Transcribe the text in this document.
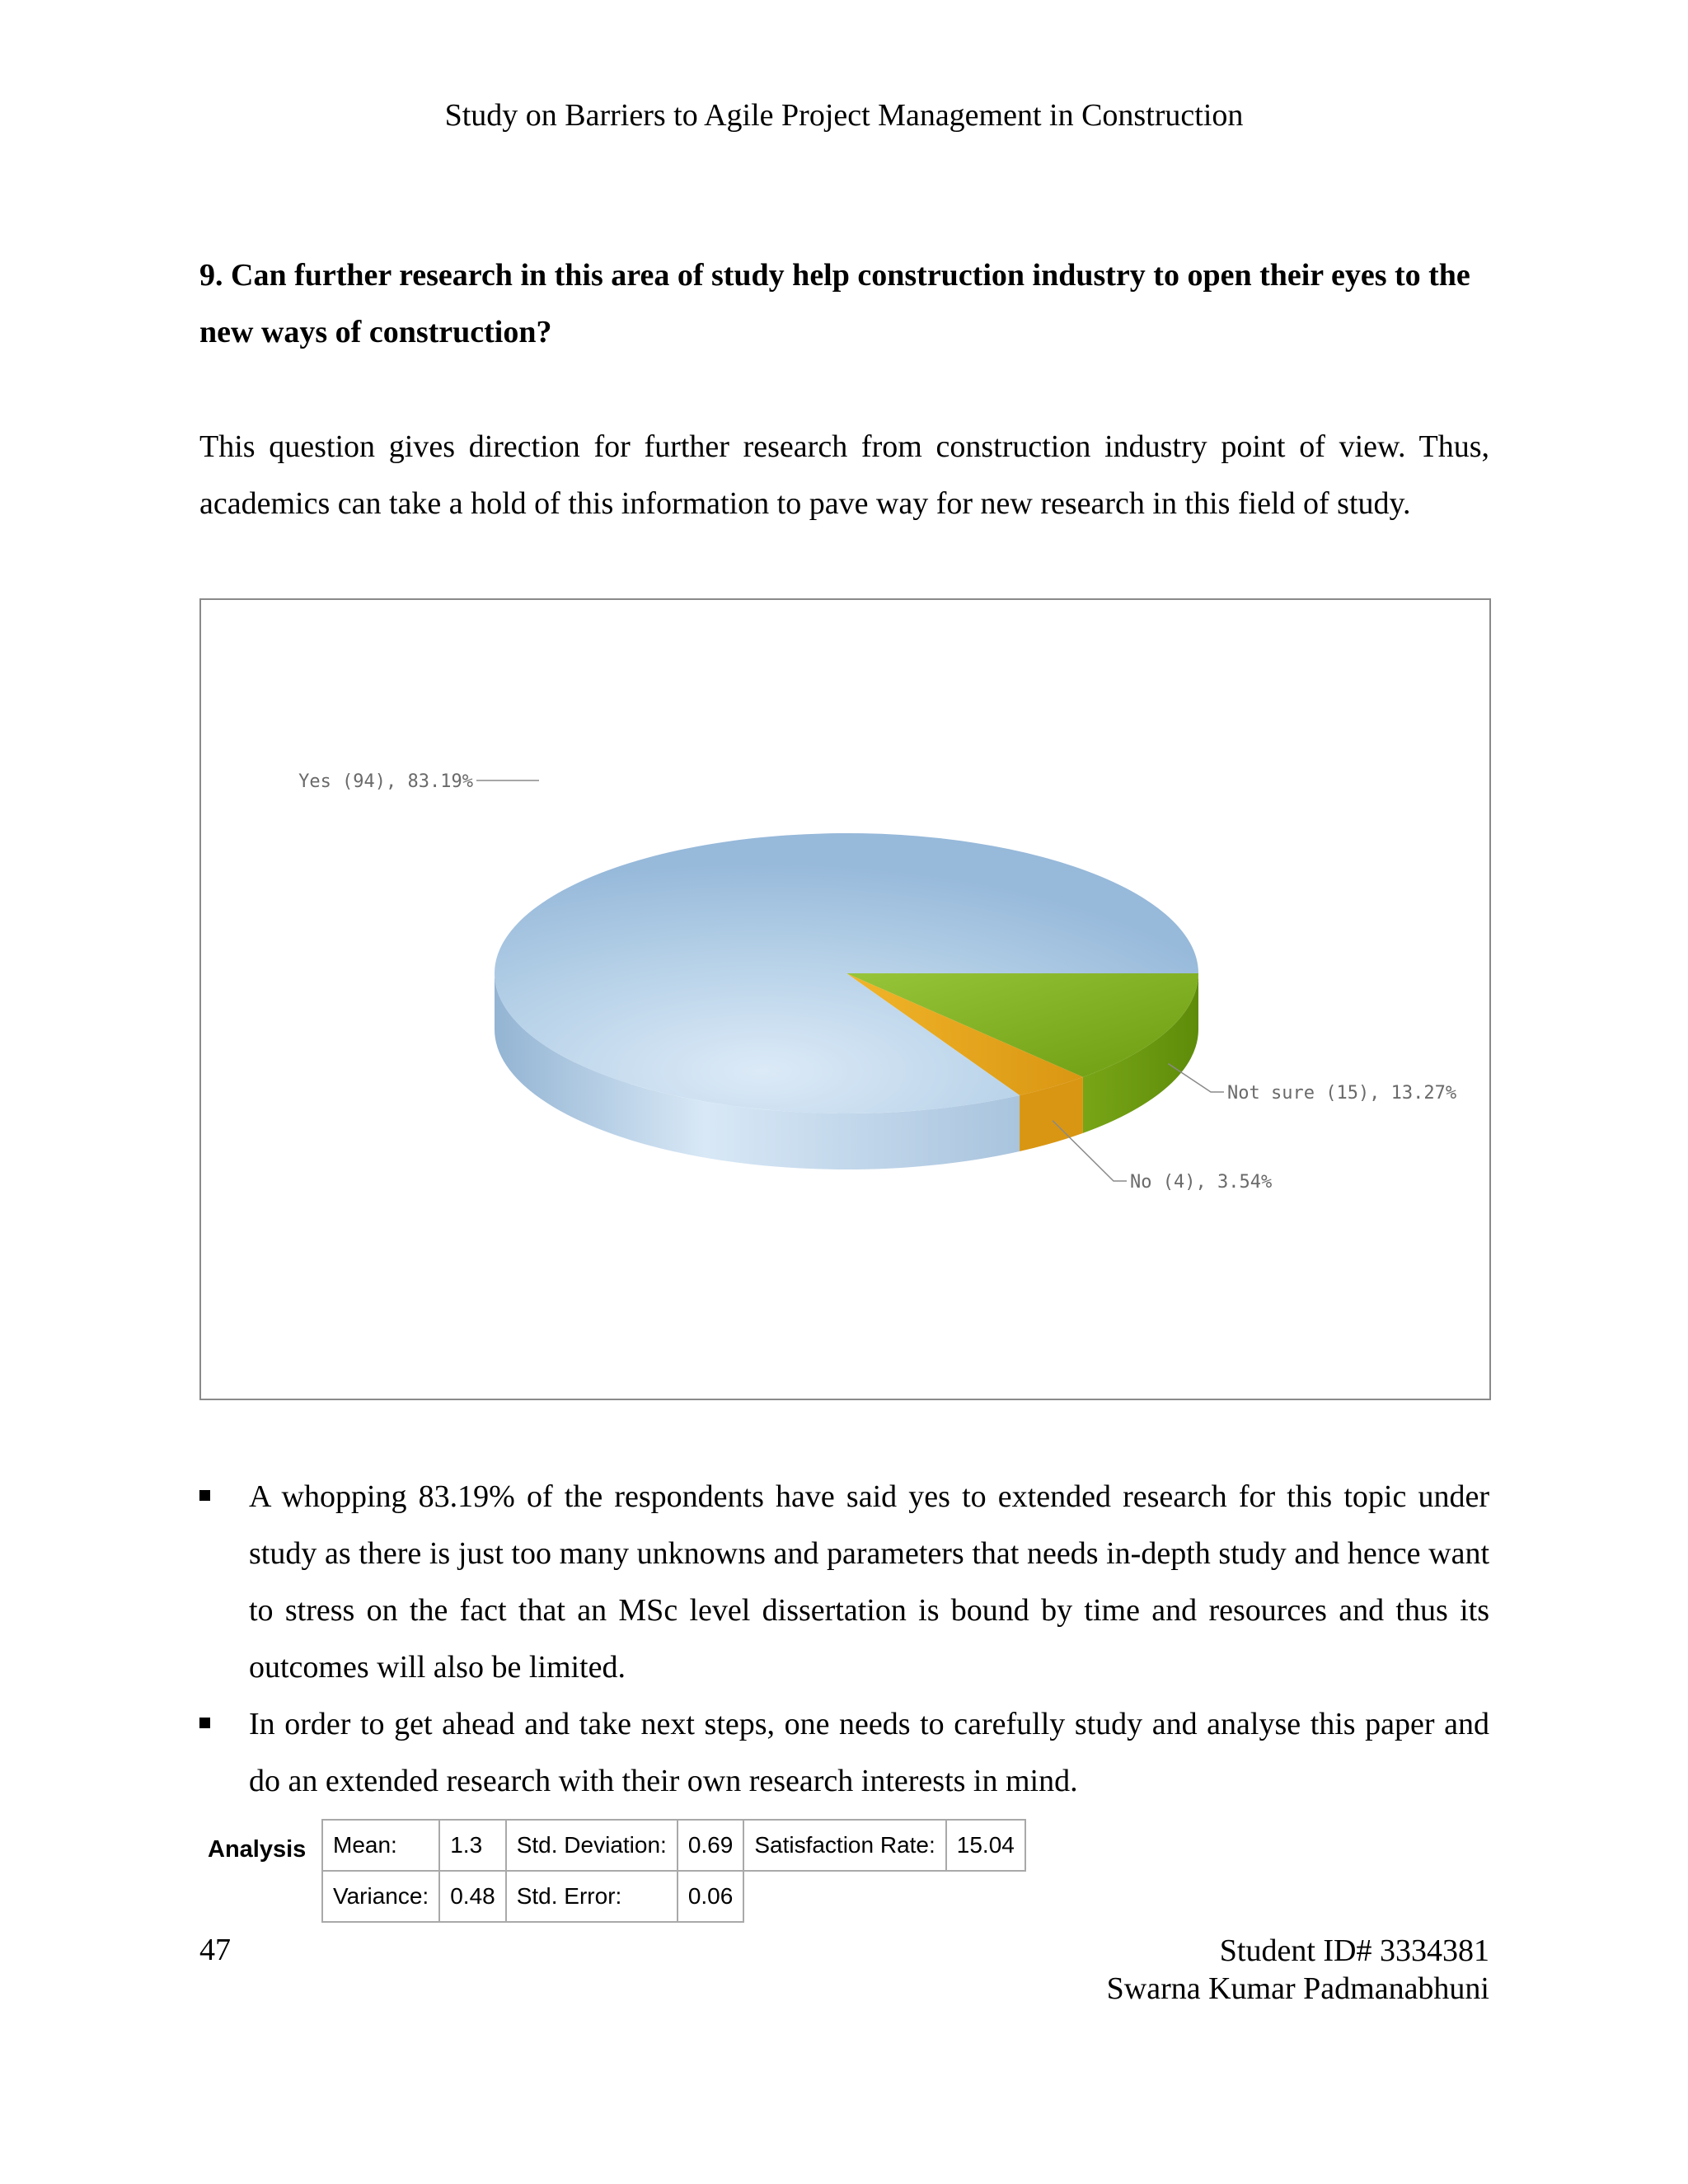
Study on Barriers to Agile Project Management in Construction

9. Can further research in this area of study help construction industry to open their eyes to the new ways of construction?

This question gives direction for further research from construction industry point of view. Thus,
academics can take a hold of this information to pave way for new research in this field of study.

Yes (94), 83.19%
No (4), 3.54%
Not sure (15), 13.27%
A whopping 83.19% of the respondents have said yes to extended research for this topic under study as there is just too many unknowns and parameters that needs in-depth study and hence want to stress on the fact that an MSc level dissertation is bound by time and resources and thus its outcomes will also be limited.
In order to get ahead and take next steps, one needs to carefully study and analyse this paper and do an extended research with their own research interests in mind.
Analysis Mean:	1.3	Std. Deviation:	0.69	Satisfaction Rate:	15.04
Variance:	0.48	Std. Error:	0.06		
47	Student ID# 3334381
Swarna Kumar Padmanabhuni
